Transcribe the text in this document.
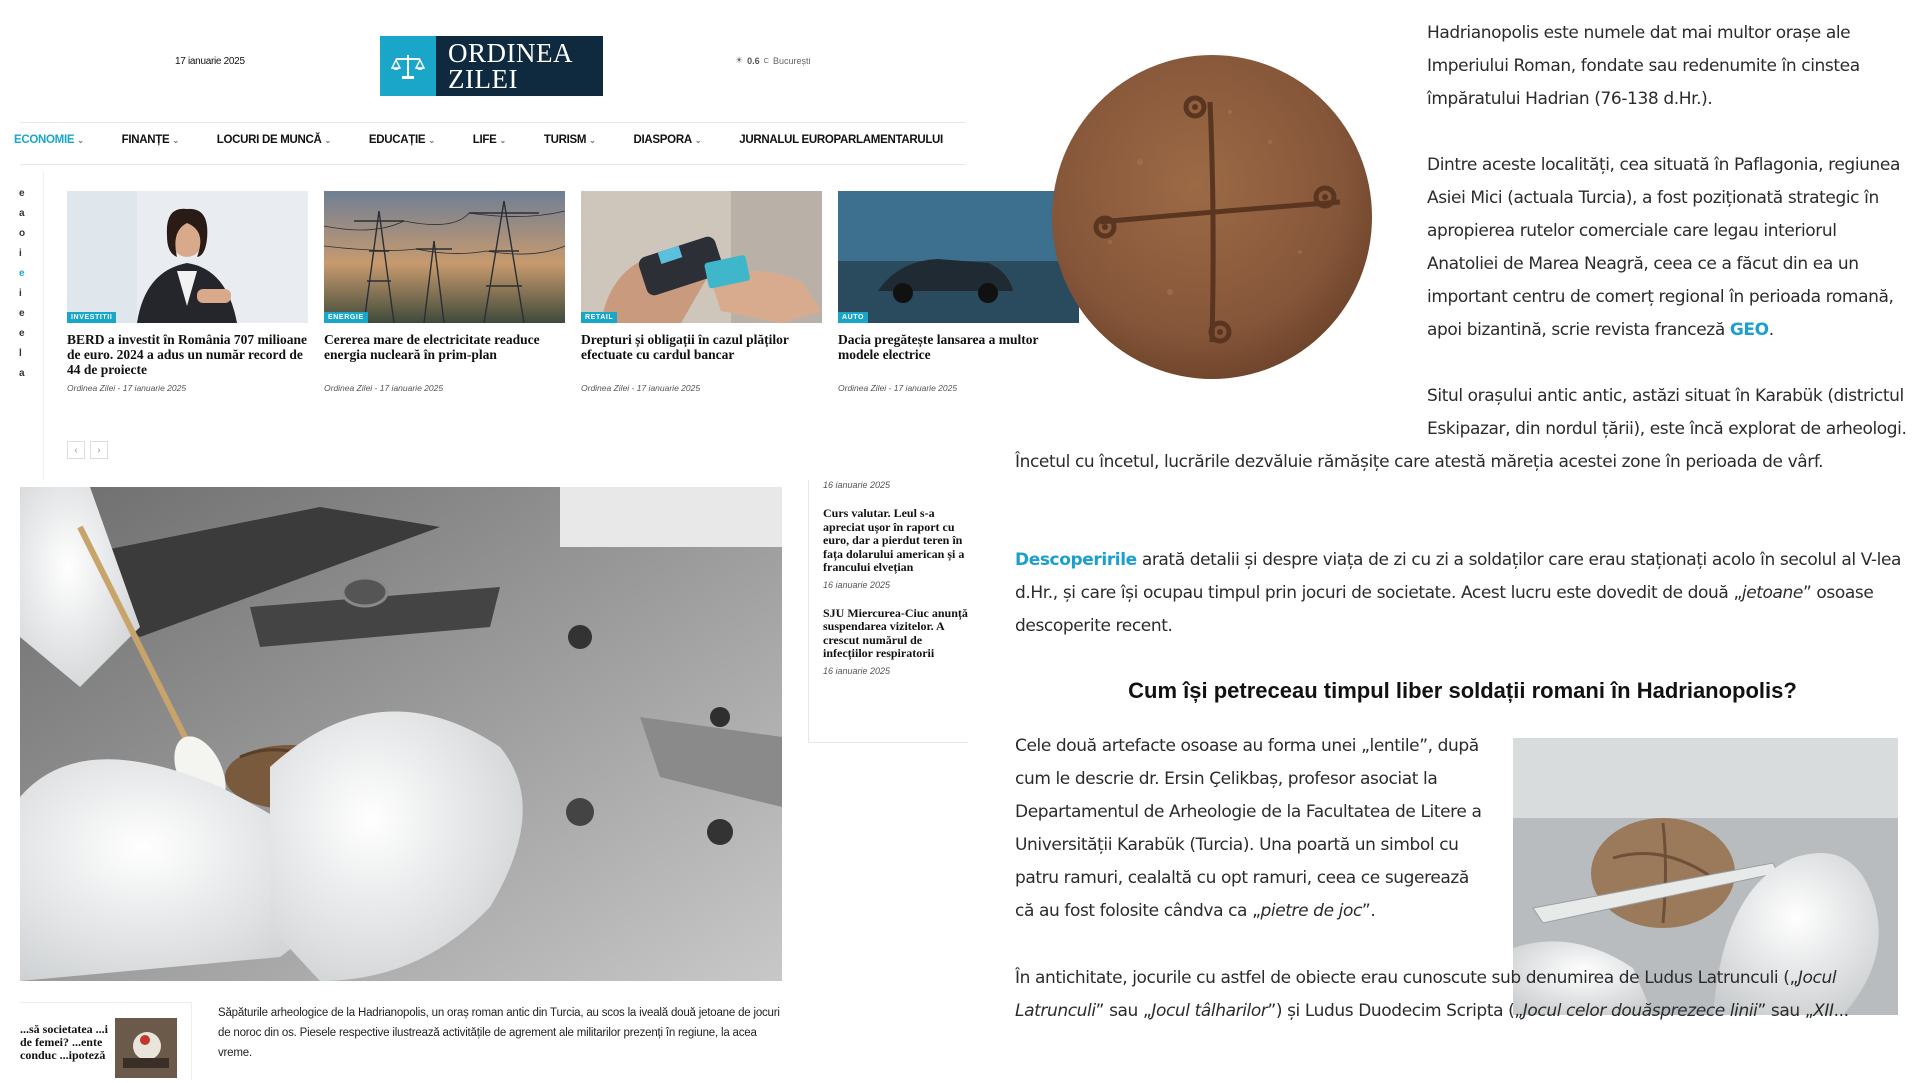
17 ianuarie 2025	ORDINEA
ZILEI
☀ 0.6 C București
ECONOMIE ⌄	FINANȚE ⌄	LOCURI DE MUNCĂ ⌄	EDUCAȚIE ⌄	LIFE ⌄	TURISM ⌄	DIASPORA ⌄	JURNALUL EUROPARLAMENTARULUI
e
a
o
i
e
i
e
e
l
a
INVESTITII
BERD a investit în România 707 milioane de euro. 2024 a adus un număr record de 44 de proiecte
Ordinea Zilei - 17 ianuarie 2025
ENERGIE
Cererea mare de electricitate readuce energia nucleară în prim-plan
Ordinea Zilei - 17 ianuarie 2025
RETAIL
Drepturi și obligații în cazul plăților efectuate cu cardul bancar
Ordinea Zilei - 17 ianuarie 2025
AUTO
Dacia pregătește lansarea a multor modele electrice
Ordinea Zilei - 17 ianuarie 2025
‹	›
16 ianuarie 2025
Curs valutar. Leul s-a apreciat ușor în raport cu euro, dar a pierdut teren în fața dolarului american și a francului elvețian
16 ianuarie 2025
SJU Miercurea-Ciuc anunță suspendarea vizitelor. A crescut numărul de infecțiilor respiratorii
16 ianuarie 2025
...să societatea ...i de femei? ...ente conduc ...ipoteză
Săpăturile arheologice de la Hadrianopolis, un oraș roman antic din Turcia, au scos la iveală două jetoane de jocuri de noroc din os. Piesele respective ilustrează activitățile de agrement ale militarilor prezenți în regiune, la acea vreme.

Hadrianopolis este numele dat mai multor orașe ale Imperiului Roman, fondate sau redenumite în cinstea împăratului Hadrian (76-138 d.Hr.).

Dintre aceste localități, cea situată în Paflagonia, regiunea Asiei Mici (actuala Turcia), a fost poziționată strategic în apropierea rutelor comerciale care legau interiorul Anatoliei de Marea Neagră, ceea ce a făcut din ea un important centru de comerț regional în perioada romană, apoi bizantină, scrie revista franceză GEO.

Situl orașului antic antic, astăzi situat în Karabük (districtul Eskipazar, din nordul țării), este încă explorat de arheologi.

Încetul cu încetul, lucrările dezvăluie rămășițe care atestă măreția acestei zone în perioada de vârf.

Descoperirile arată detalii și despre viața de zi cu zi a soldaților care erau staționați acolo în secolul al V-lea d.Hr., și care își ocupau timpul prin jocuri de societate. Acest lucru este dovedit de două „jetoane” osoase descoperite recent.

Cum își petreceau timpul liber soldații romani în Hadrianopolis?

Cele două artefacte osoase au forma unei „lentile”, după cum le descrie dr. Ersin Çelikbaș, profesor asociat la Departamentul de Arheologie de la Facultatea de Litere a Universității Karabük (Turcia). Una poartă un simbol cu patru ramuri, cealaltă cu opt ramuri, ceea ce sugerează că au fost folosite cândva ca „pietre de joc”.

În antichitate, jocurile cu astfel de obiecte erau cunoscute sub denumirea de Ludus Latrunculi („Jocul Latrunculi” sau „Jocul tâlharilor”) și Ludus Duodecim Scripta („Jocul celor douăsprezece linii” sau „XII...
